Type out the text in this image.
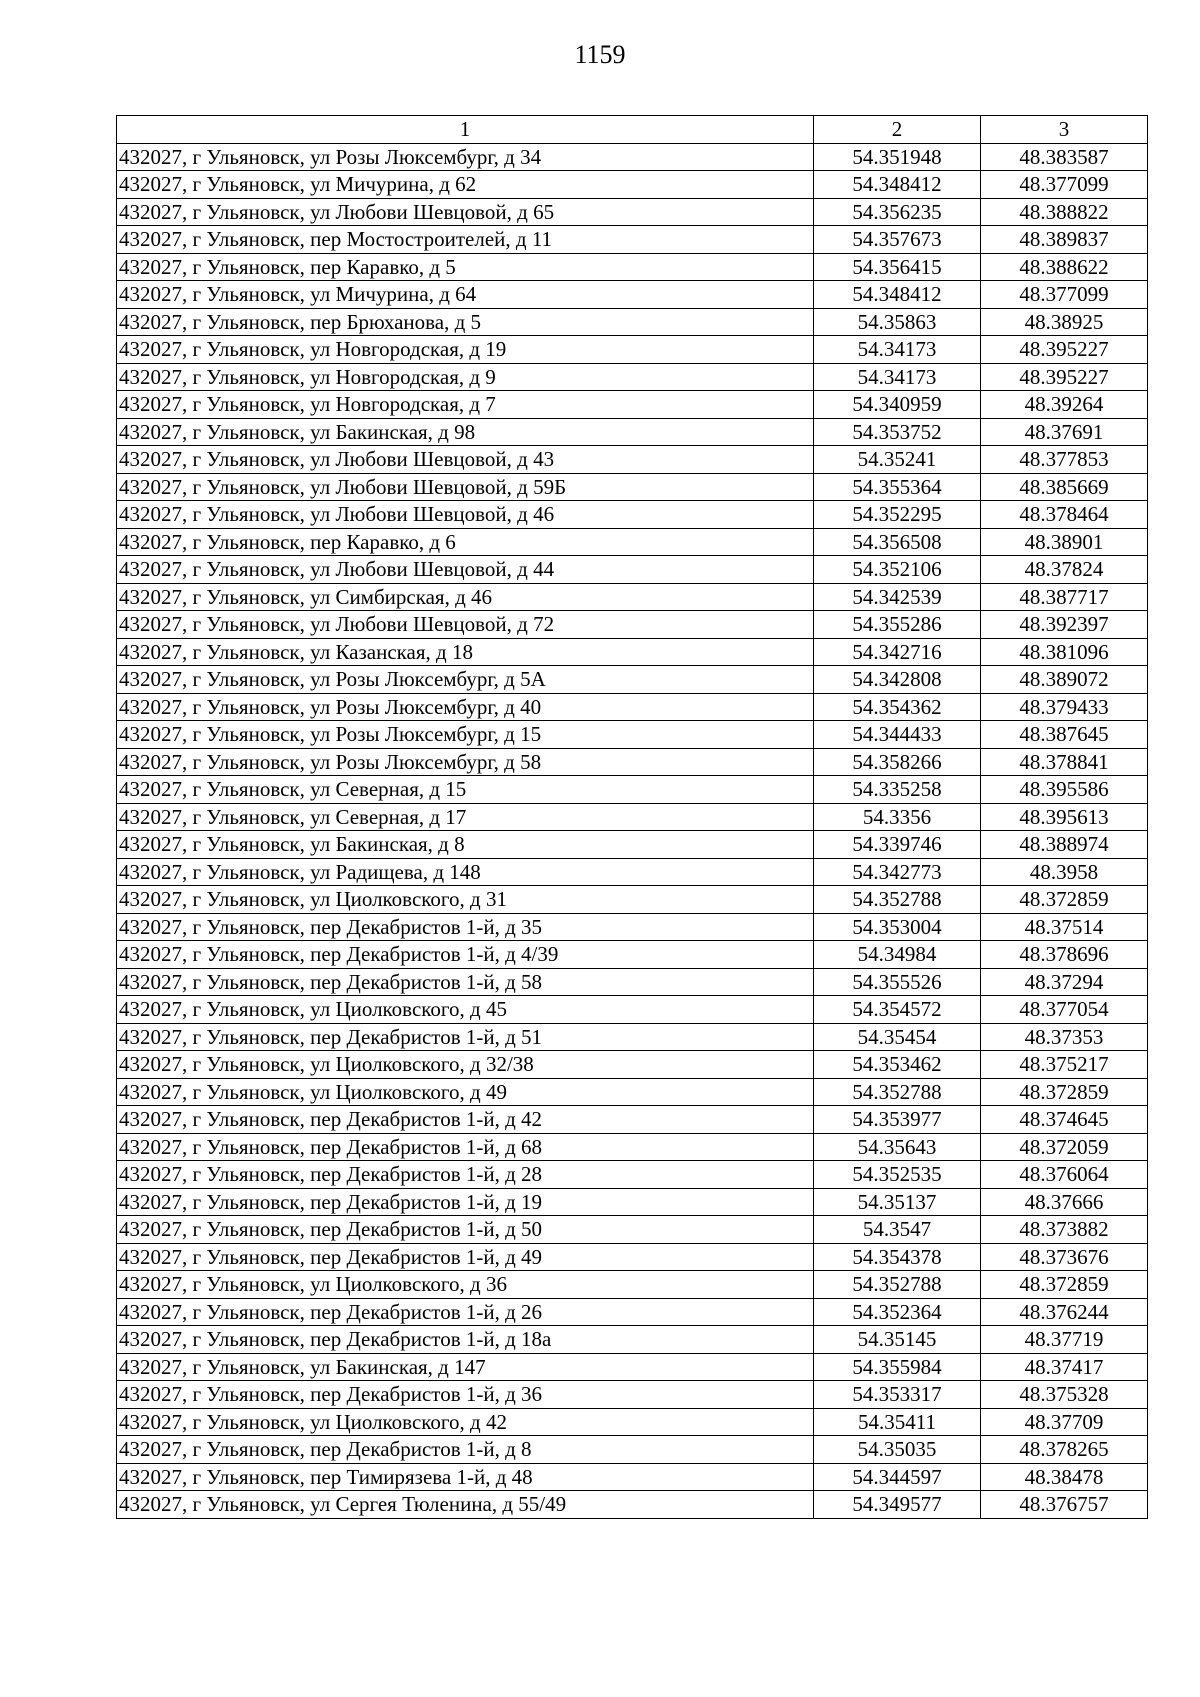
1159
1	2	3
432027, г Ульяновск, ул Розы Люксембург, д 34	54.351948	48.383587
432027, г Ульяновск, ул Мичурина, д 62	54.348412	48.377099
432027, г Ульяновск, ул Любови Шевцовой, д 65	54.356235	48.388822
432027, г Ульяновск, пер Мостостроителей, д 11	54.357673	48.389837
432027, г Ульяновск, пер Каравко, д 5	54.356415	48.388622
432027, г Ульяновск, ул Мичурина, д 64	54.348412	48.377099
432027, г Ульяновск, пер Брюханова, д 5	54.35863	48.38925
432027, г Ульяновск, ул Новгородская, д 19	54.34173	48.395227
432027, г Ульяновск, ул Новгородская, д 9	54.34173	48.395227
432027, г Ульяновск, ул Новгородская, д 7	54.340959	48.39264
432027, г Ульяновск, ул Бакинская, д 98	54.353752	48.37691
432027, г Ульяновск, ул Любови Шевцовой, д 43	54.35241	48.377853
432027, г Ульяновск, ул Любови Шевцовой, д 59Б	54.355364	48.385669
432027, г Ульяновск, ул Любови Шевцовой, д 46	54.352295	48.378464
432027, г Ульяновск, пер Каравко, д 6	54.356508	48.38901
432027, г Ульяновск, ул Любови Шевцовой, д 44	54.352106	48.37824
432027, г Ульяновск, ул Симбирская, д 46	54.342539	48.387717
432027, г Ульяновск, ул Любови Шевцовой, д 72	54.355286	48.392397
432027, г Ульяновск, ул Казанская, д 18	54.342716	48.381096
432027, г Ульяновск, ул Розы Люксембург, д 5А	54.342808	48.389072
432027, г Ульяновск, ул Розы Люксембург, д 40	54.354362	48.379433
432027, г Ульяновск, ул Розы Люксембург, д 15	54.344433	48.387645
432027, г Ульяновск, ул Розы Люксембург, д 58	54.358266	48.378841
432027, г Ульяновск, ул Северная, д 15	54.335258	48.395586
432027, г Ульяновск, ул Северная, д 17	54.3356	48.395613
432027, г Ульяновск, ул Бакинская, д 8	54.339746	48.388974
432027, г Ульяновск, ул Радищева, д 148	54.342773	48.3958
432027, г Ульяновск, ул Циолковского, д 31	54.352788	48.372859
432027, г Ульяновск, пер Декабристов 1-й, д 35	54.353004	48.37514
432027, г Ульяновск, пер Декабристов 1-й, д 4/39	54.34984	48.378696
432027, г Ульяновск, пер Декабристов 1-й, д 58	54.355526	48.37294
432027, г Ульяновск, ул Циолковского, д 45	54.354572	48.377054
432027, г Ульяновск, пер Декабристов 1-й, д 51	54.35454	48.37353
432027, г Ульяновск, ул Циолковского, д 32/38	54.353462	48.375217
432027, г Ульяновск, ул Циолковского, д 49	54.352788	48.372859
432027, г Ульяновск, пер Декабристов 1-й, д 42	54.353977	48.374645
432027, г Ульяновск, пер Декабристов 1-й, д 68	54.35643	48.372059
432027, г Ульяновск, пер Декабристов 1-й, д 28	54.352535	48.376064
432027, г Ульяновск, пер Декабристов 1-й, д 19	54.35137	48.37666
432027, г Ульяновск, пер Декабристов 1-й, д 50	54.3547	48.373882
432027, г Ульяновск, пер Декабристов 1-й, д 49	54.354378	48.373676
432027, г Ульяновск, ул Циолковского, д 36	54.352788	48.372859
432027, г Ульяновск, пер Декабристов 1-й, д 26	54.352364	48.376244
432027, г Ульяновск, пер Декабристов 1-й, д 18а	54.35145	48.37719
432027, г Ульяновск, ул Бакинская, д 147	54.355984	48.37417
432027, г Ульяновск, пер Декабристов 1-й, д 36	54.353317	48.375328
432027, г Ульяновск, ул Циолковского, д 42	54.35411	48.37709
432027, г Ульяновск, пер Декабристов 1-й, д 8	54.35035	48.378265
432027, г Ульяновск, пер Тимирязева 1-й, д 48	54.344597	48.38478
432027, г Ульяновск, ул Сергея Тюленина, д 55/49	54.349577	48.376757
